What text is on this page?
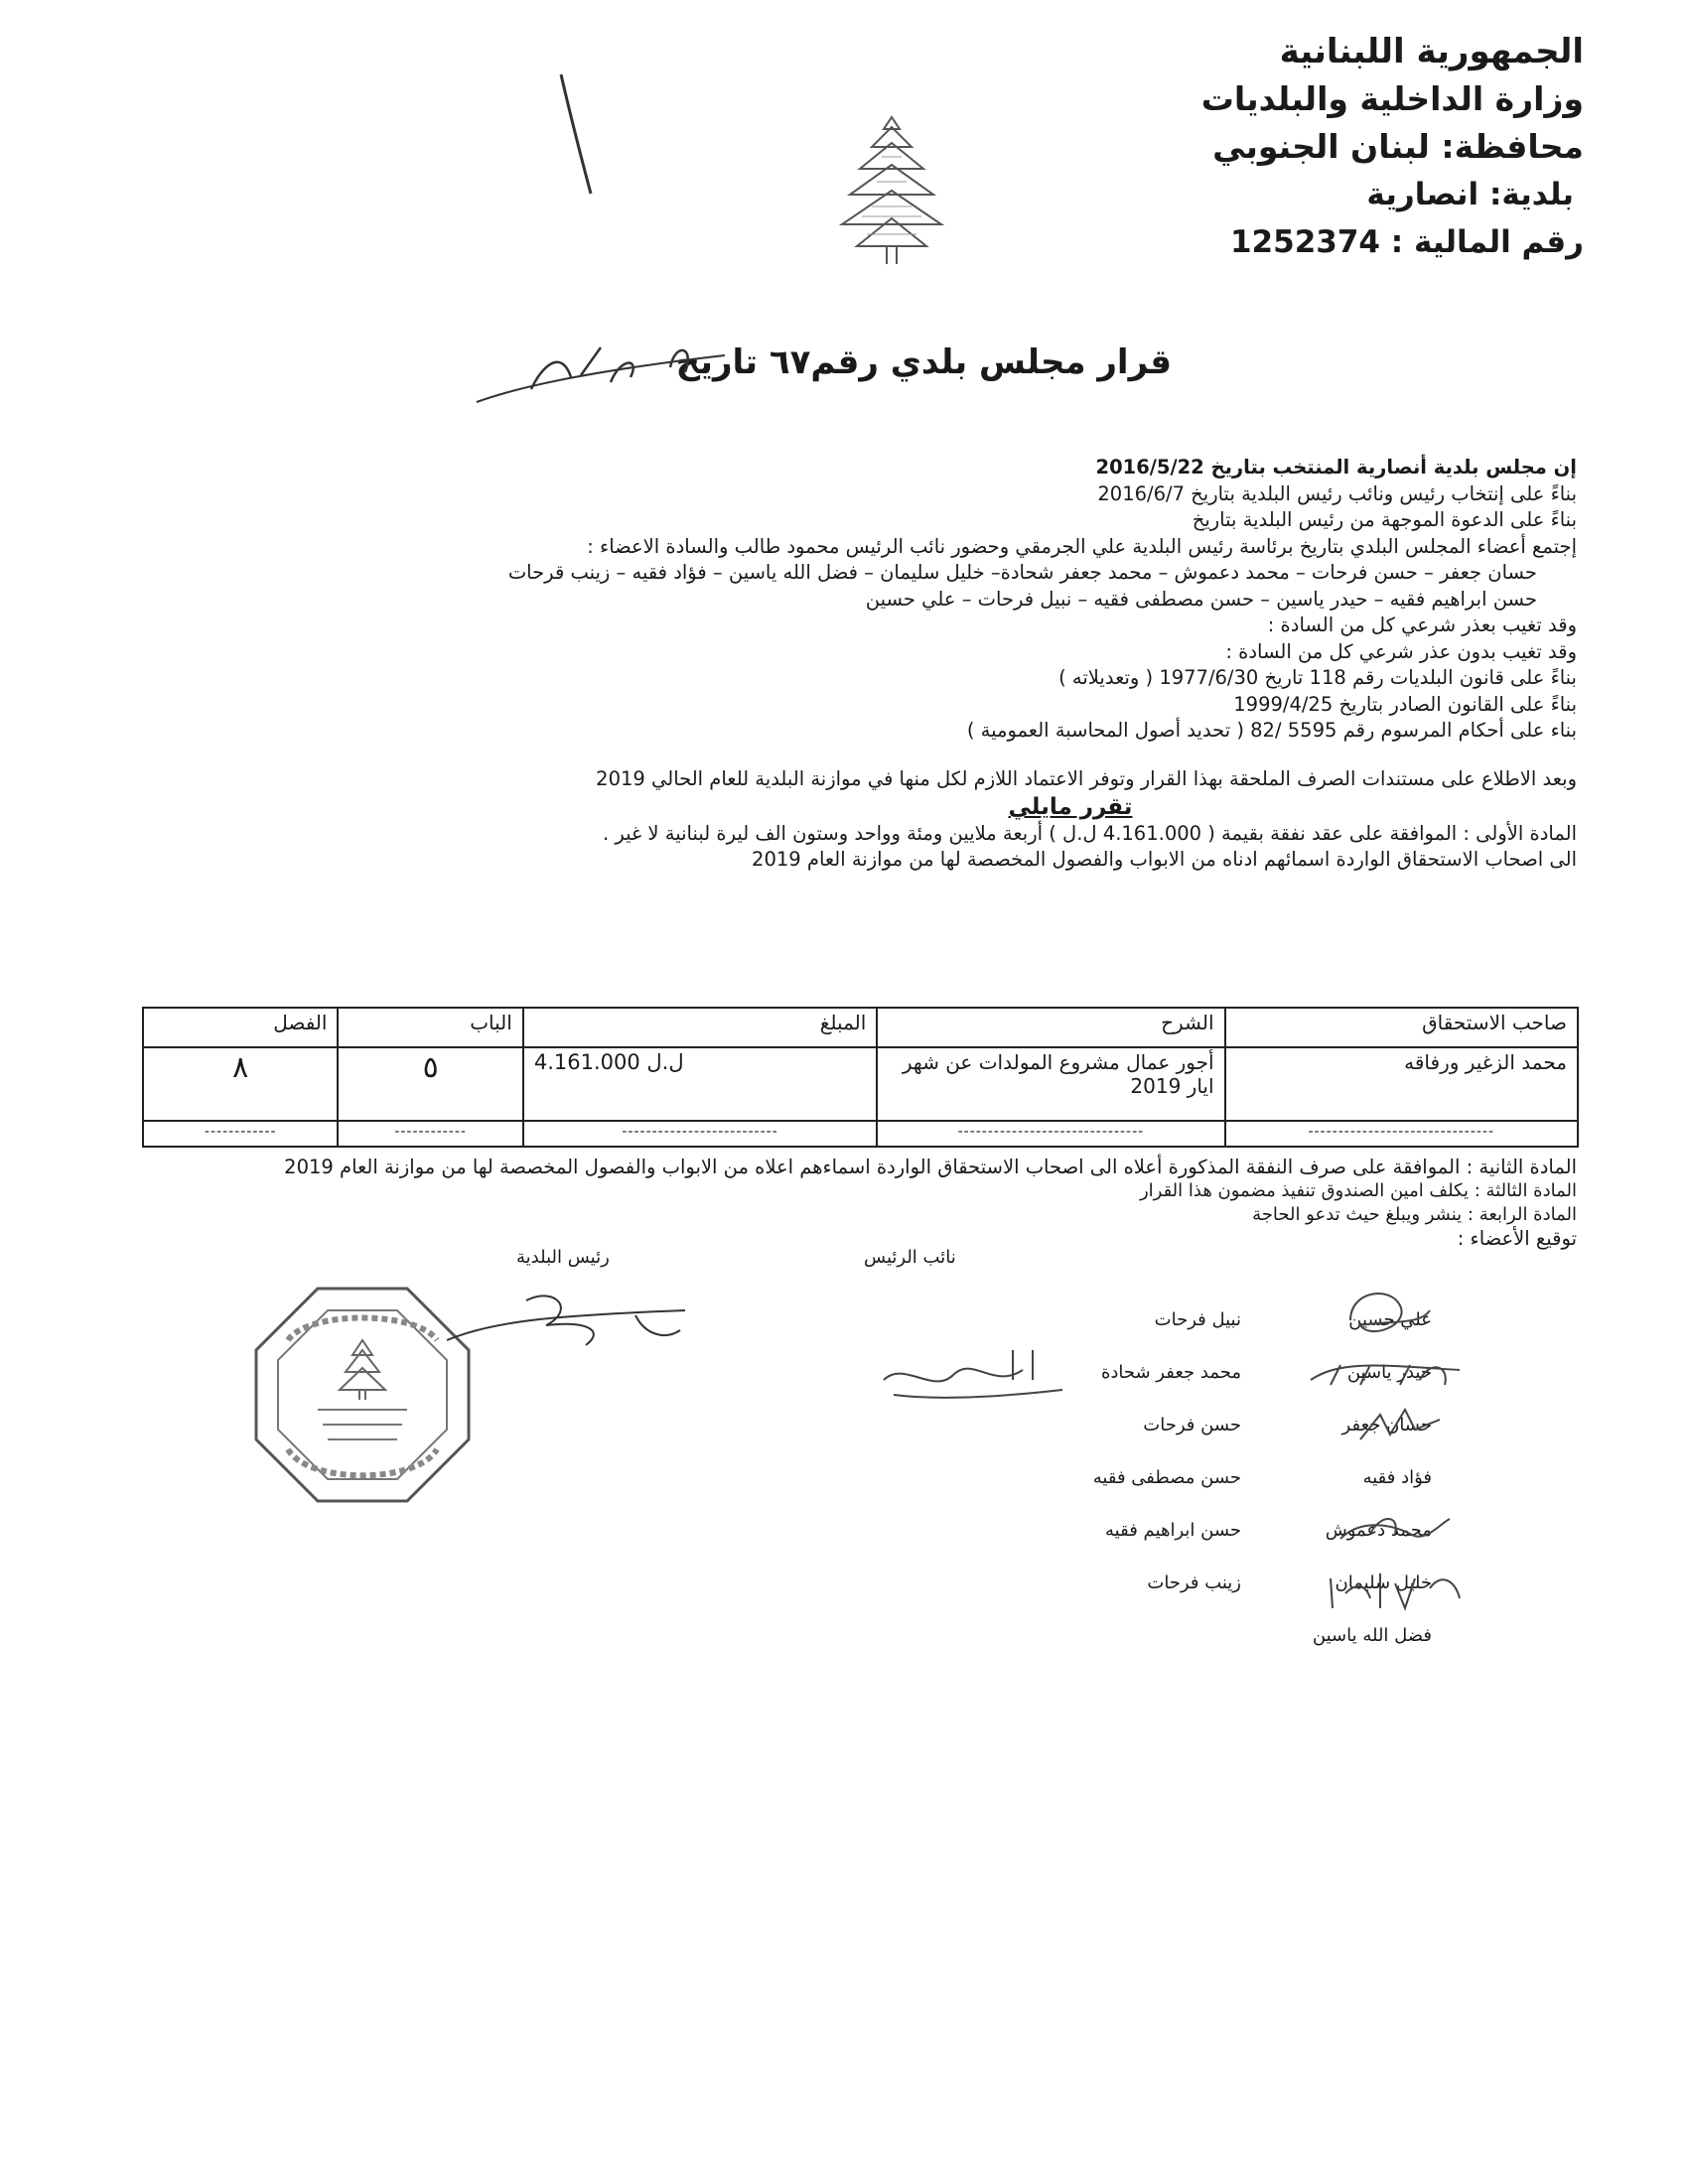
الجمهورية اللبنانية
وزارة الداخلية والبلديات
محافظة: لبنان الجنوبي
بلدية: انصارية
رقم المالية : 1252374
قرار مجلس بلدي رقم٦٧ تاريخ

إن مجلس بلدية أنصارية المنتخب بتاريخ 2016/5/22

بناءً على إنتخاب رئيس ونائب رئيس البلدية بتاريخ 2016/6/7

بناءً على الدعوة الموجهة من رئيس البلدية بتاريخ

إجتمع أعضاء المجلس البلدي بتاريخ برئاسة رئيس البلدية علي الجرمقي وحضور نائب الرئيس محمود طالب والسادة الاعضاء :

حسان جعفر – حسن فرحات – محمد دعموش – محمد جعفر شحادة– خليل سليمان – فضل الله ياسين – فؤاد فقيه – زينب قرحات

حسن ابراهيم فقيه – حيدر ياسين – حسن مصطفى فقيه – نبيل فرحات – علي حسين

وقد تغيب بعذر شرعي كل من السادة :

وقد تغيب بدون عذر شرعي كل من السادة :

بناءً على قانون البلديات رقم 118 تاريخ 1977/6/30 ( وتعديلاته )

بناءً على القانون الصادر بتاريخ 1999/4/25

بناء على أحكام المرسوم رقم 5595 /82 ( تحديد أصول المحاسبة العمومية )

وبعد الاطلاع على مستندات الصرف الملحقة بهذا القرار وتوفر الاعتماد اللازم لكل منها في موازنة البلدية للعام الحالي 2019

تقرر مايلي

المادة الأولى : الموافقة على عقد نفقة بقيمة ( 4.161.000 ل.ل ) أربعة ملايين ومئة وواحد وستون الف ليرة لبنانية لا غير .

الى اصحاب الاستحقاق الواردة اسمائهم ادناه من الابواب والفصول المخصصة لها من موازنة العام 2019

صاحب الاستحقاق	الشرح	المبلغ	الباب	الفصل
محمد الزغير ورفاقه	أجور عمال مشروع المولدات عن شهر ايار 2019	4.161.000 ل.ل	٥	٨
-------------------------------	-------------------------------	--------------------------	------------	------------

المادة الثانية : الموافقة على صرف النفقة المذكورة أعلاه الى اصحاب الاستحقاق الواردة اسماءهم اعلاه من الابواب والفصول المخصصة لها من موازنة العام 2019

المادة الثالثة : يكلف امين الصندوق تنفيذ مضمون هذا القرار

المادة الرابعة : ينشر ويبلغ حيث تدعو الحاجة

توقيع الأعضاء :

نائب الرئيس
رئيس البلدية
علي حسين
حيدر ياسين
حسان جعفر
فؤاد فقيه
محمد دعموش
خليل سليمان
فضل الله ياسين
نبيل فرحات
محمد جعفر شحادة
حسن فرحات
حسن مصطفى فقيه
حسن ابراهيم فقيه
زينب فرحات
